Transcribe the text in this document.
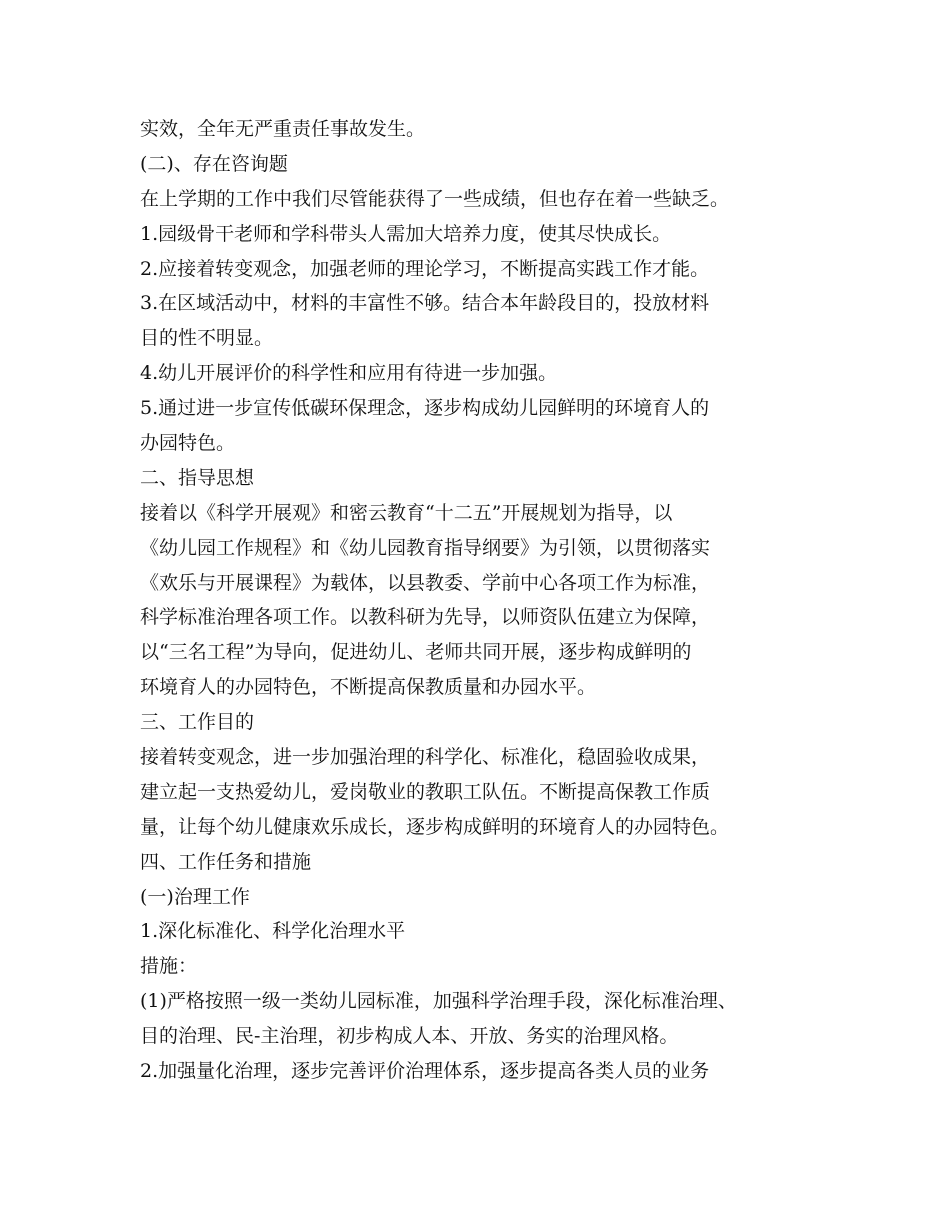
实效，全年无严重责任事故发生。

(二)、存在咨询题

在上学期的工作中我们尽管能获得了一些成绩，但也存在着一些缺乏。

1.园级骨干老师和学科带头人需加大培养力度，使其尽快成长。

2.应接着转变观念，加强老师的理论学习，不断提高实践工作才能。

3.在区域活动中，材料的丰富性不够。结合本年龄段目的，投放材料

目的性不明显。

4.幼儿开展评价的科学性和应用有待进一步加强。

5.通过进一步宣传低碳环保理念，逐步构成幼儿园鲜明的环境育人的

办园特色。

二、指导思想

接着以《科学开展观》和密云教育“十二五”开展规划为指导，以

《幼儿园工作规程》和《幼儿园教育指导纲要》为引领，以贯彻落实

《欢乐与开展课程》为载体，以县教委、学前中心各项工作为标准，

科学标准治理各项工作。以教科研为先导，以师资队伍建立为保障，

以“三名工程”为导向，促进幼儿、老师共同开展，逐步构成鲜明的

环境育人的办园特色，不断提高保教质量和办园水平。

三、工作目的

接着转变观念，进一步加强治理的科学化、标准化，稳固验收成果，

建立起一支热爱幼儿，爱岗敬业的教职工队伍。不断提高保教工作质

量，让每个幼儿健康欢乐成长，逐步构成鲜明的环境育人的办园特色。

四、工作任务和措施

(一)治理工作

1.深化标准化、科学化治理水平

措施：

(1)严格按照一级一类幼儿园标准，加强科学治理手段，深化标准治理、

目的治理、民-主治理，初步构成人本、开放、务实的治理风格。

2.加强量化治理，逐步完善评价治理体系，逐步提高各类人员的业务
